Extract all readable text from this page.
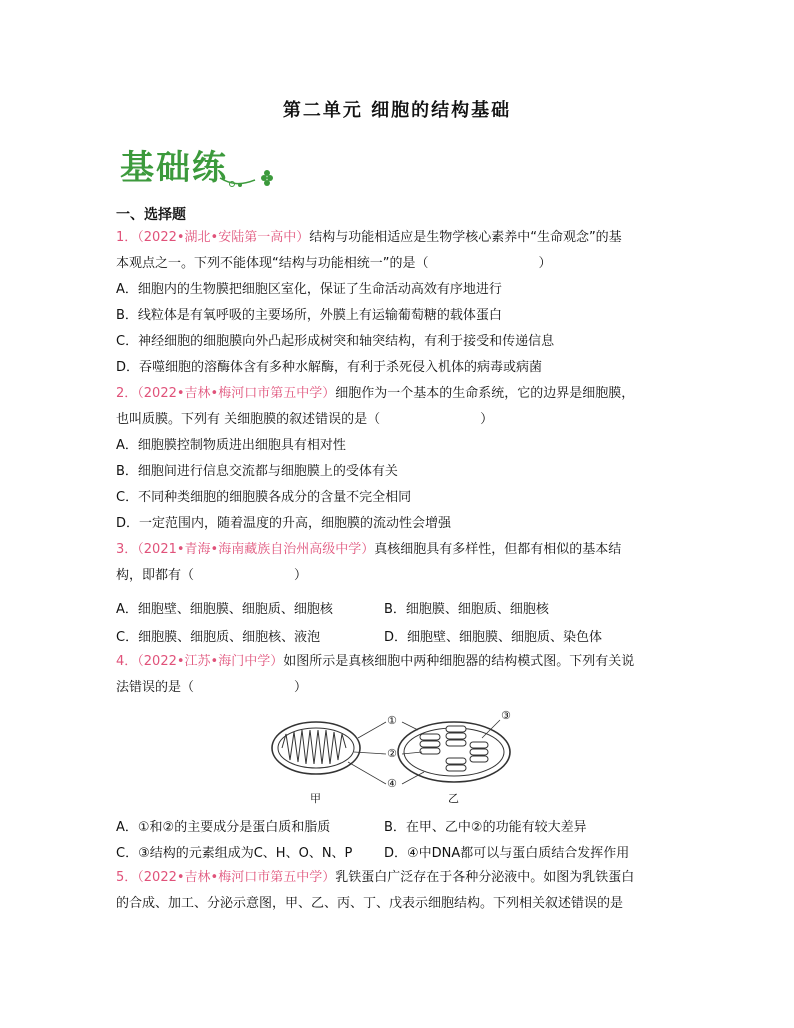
第二单元 细胞的结构基础
基础练
一、选择题
1．（2022•湖北•安陆第一高中）结构与功能相适应是生物学核心素养中“生命观念”的基
本观点之一。下列不能体现“结构与功能相统一”的是（	）
A．细胞内的生物膜把细胞区室化，保证了生命活动高效有序地进行
B．线粒体是有氧呼吸的主要场所，外膜上有运输葡萄糖的载体蛋白
C．神经细胞的细胞膜向外凸起形成树突和轴突结构，有利于接受和传递信息
D．吞噬细胞的溶酶体含有多种水解酶，有利于杀死侵入机体的病毒或病菌
2．（2022•吉林•梅河口市第五中学）细胞作为一个基本的生命系统，它的边界是细胞膜，
也叫质膜。下列有 关细胞膜的叙述错误的是（	）
A．细胞膜控制物质进出细胞具有相对性
B．细胞间进行信息交流都与细胞膜上的受体有关
C．不同种类细胞的细胞膜各成分的含量不完全相同
D．一定范围内，随着温度的升高，细胞膜的流动性会增强
3．（2021•青海•海南藏族自治州高级中学）真核细胞具有多样性，但都有相似的基本结
构，即都有（	）
A．细胞壁、细胞膜、细胞质、细胞核	B．细胞膜、细胞质、细胞核
C．细胞膜、细胞质、细胞核、液泡	D．细胞壁、细胞膜、细胞质、染色体
4．（2022•江苏•海门中学）如图所示是真核细胞中两种细胞器的结构模式图。下列有关说
法错误的是（	）
①
②
③
④
甲	乙
A．①和②的主要成分是蛋白质和脂质	B．在甲、乙中②的功能有较大差异
C．③结构的元素组成为C、H、O、N、P D．④中DNA都可以与蛋白质结合发挥作用
5．（2022•吉林•梅河口市第五中学）乳铁蛋白广泛存在于各种分泌液中。如图为乳铁蛋白
的合成、加工、分泌示意图，甲、乙、丙、丁、戊表示细胞结构。下列相关叙述错误的是
